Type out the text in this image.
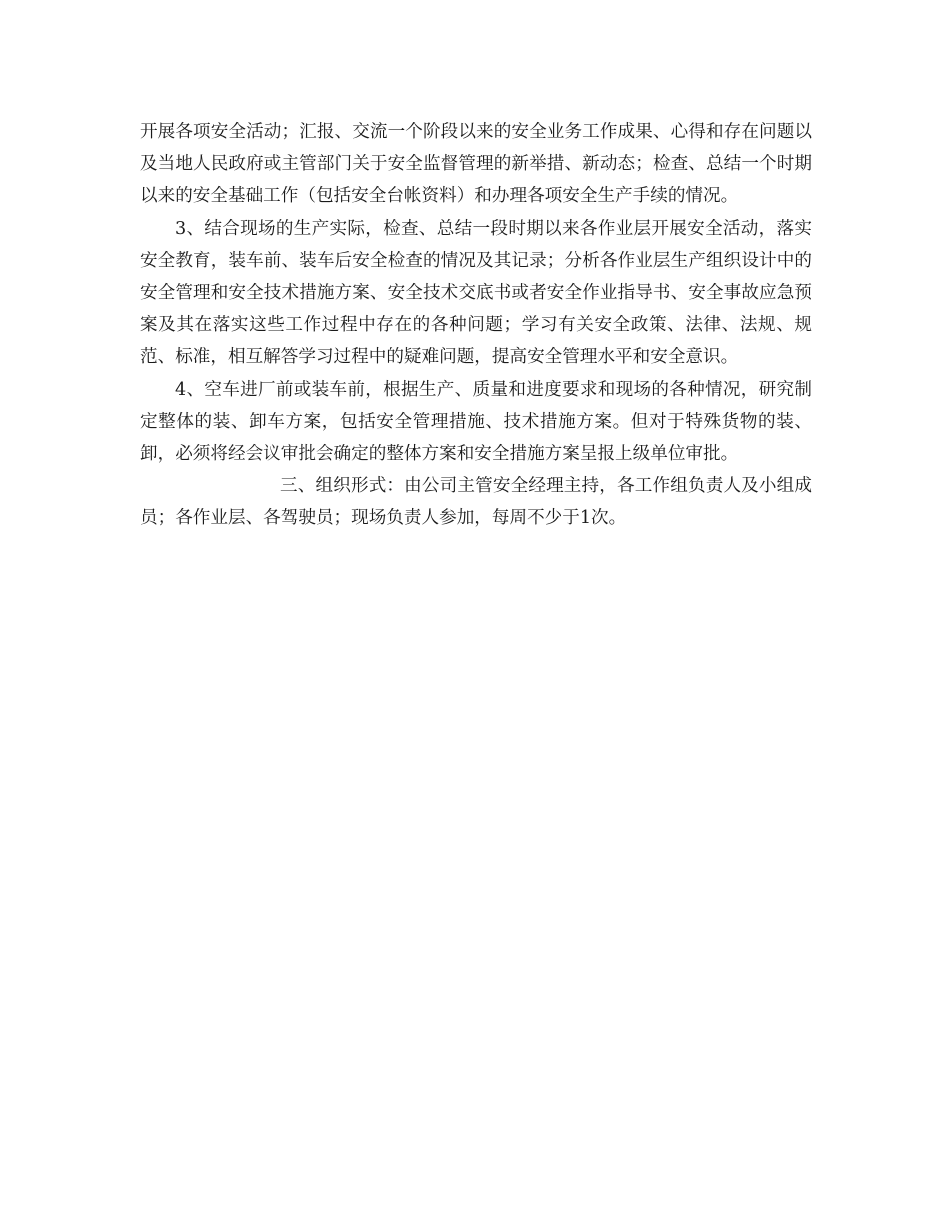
开展各项安全活动；汇报、交流一个阶段以来的安全业务工作成果、心得和存在问题以及当地人民政府或主管部门关于安全监督管理的新举措、新动态；检查、总结一个时期以来的安全基础工作（包括安全台帐资料）和办理各项安全生产手续的情况。

3、结合现场的生产实际，检查、总结一段时期以来各作业层开展安全活动，落实安全教育，装车前、装车后安全检查的情况及其记录；分析各作业层生产组织设计中的安全管理和安全技术措施方案、安全技术交底书或者安全作业指导书、安全事故应急预案及其在落实这些工作过程中存在的各种问题；学习有关安全政策、法律、法规、规范、标准，相互解答学习过程中的疑难问题，提高安全管理水平和安全意识。

4、空车进厂前或装车前，根据生产、质量和进度要求和现场的各种情况，研究制定整体的装、卸车方案，包括安全管理措施、技术措施方案。但对于特殊货物的装、卸，必须将经会议审批会确定的整体方案和安全措施方案呈报上级单位审批。

三、组织形式：由公司主管安全经理主持，各工作组负责人及小组成员；各作业层、各驾驶员；现场负责人参加，每周不少于1次。
